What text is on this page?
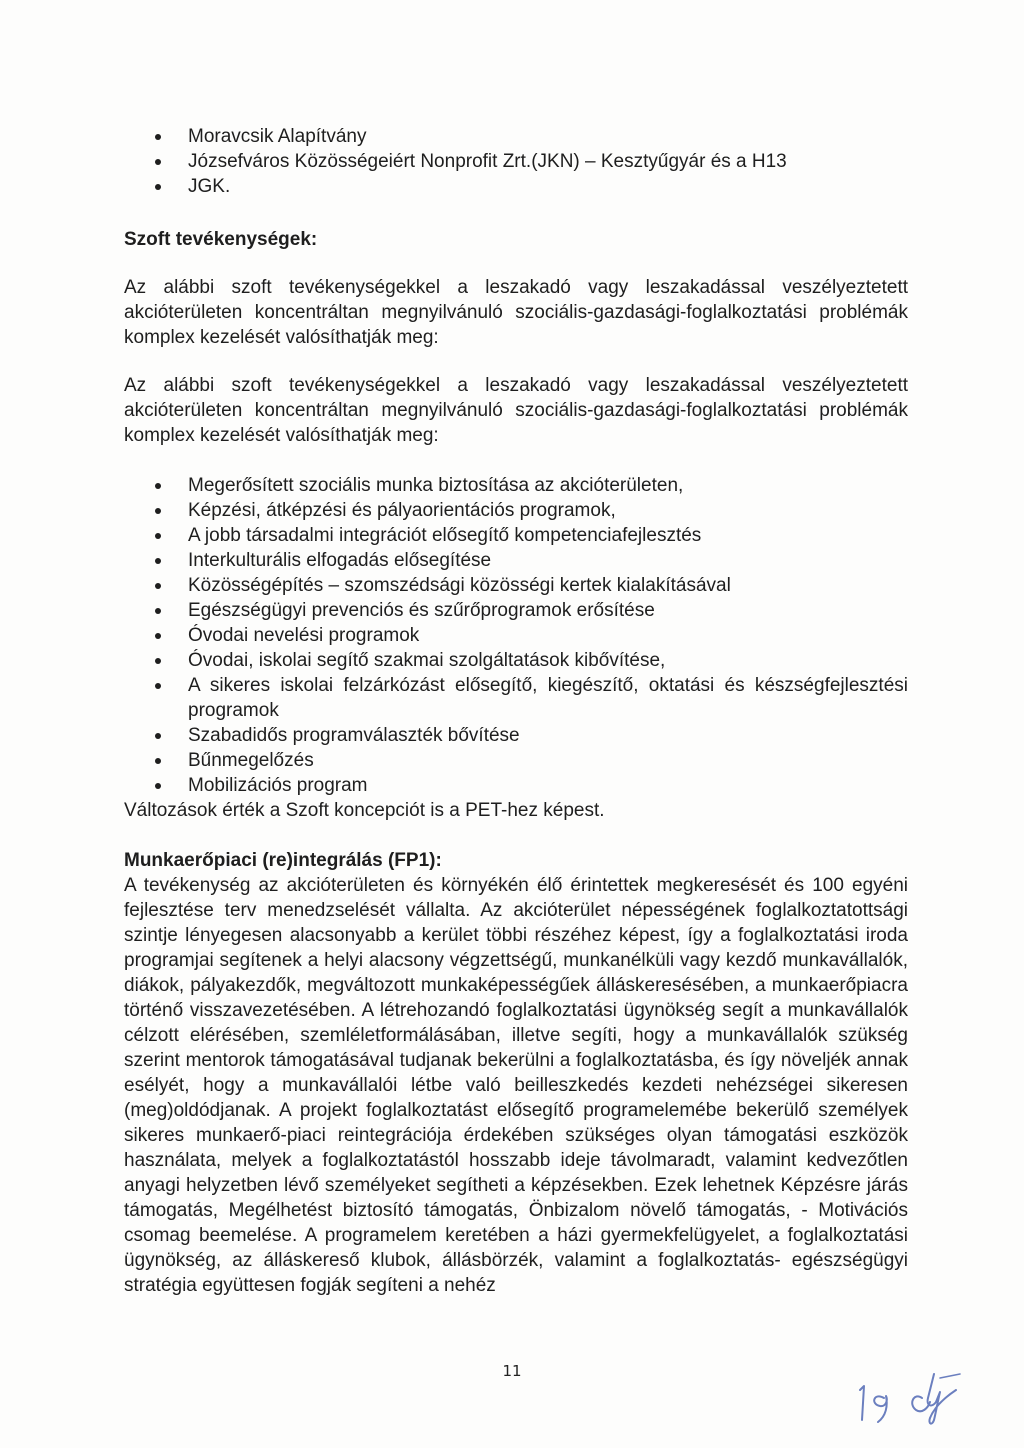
Moravcsik Alapítvány
Józsefváros Közösségeiért Nonprofit Zrt.(JKN) – Kesztyűgyár és a H13
JGK.
Szoft tevékenységek:

Az alábbi szoft tevékenységekkel a leszakadó vagy leszakadással veszélyeztetett akcióterületen koncentráltan megnyilvánuló szociális-gazdasági-foglalkoztatási problémák komplex kezelését valósíthatják meg:

Az alábbi szoft tevékenységekkel a leszakadó vagy leszakadással veszélyeztetett akcióterületen koncentráltan megnyilvánuló szociális-gazdasági-foglalkoztatási problémák komplex kezelését valósíthatják meg:

Megerősített szociális munka biztosítása az akcióterületen,
Képzési, átképzési és pályaorientációs programok,
A jobb társadalmi integrációt elősegítő kompetenciafejlesztés
Interkulturális elfogadás elősegítése
Közösségépítés – szomszédsági közösségi kertek kialakításával
Egészségügyi prevenciós és szűrőprogramok erősítése
Óvodai nevelési programok
Óvodai, iskolai segítő szakmai szolgáltatások kibővítése,
A sikeres iskolai felzárkózást elősegítő, kiegészítő, oktatási és készségfejlesztési programok
Szabadidős programválaszték bővítése
Bűnmegelőzés
Mobilizációs program

Változások érték a Szoft koncepciót is a PET-hez képest.

Munkaerőpiaci (re)integrálás (FP1):

A tevékenység az akcióterületen és környékén élő érintettek megkeresését és 100 egyéni fejlesztése terv menedzselését vállalta. Az akcióterület népességének foglalkoztatottsági szintje lényegesen alacsonyabb a kerület többi részéhez képest, így a foglalkoztatási iroda programjai segítenek a helyi alacsony végzettségű, munkanélküli vagy kezdő munkavállalók, diákok, pályakezdők, megváltozott munkaképességűek álláskeresésében, a munkaerőpiacra történő visszavezetésében. A létrehozandó foglalkoztatási ügynökség segít a munkavállalók célzott elérésében, szemléletformálásában, illetve segíti, hogy a munkavállalók szükség szerint mentorok támogatásával tudjanak bekerülni a foglalkoztatásba, és így növeljék annak esélyét, hogy a munkavállalói létbe való beilleszkedés kezdeti nehézségei sikeresen (meg)oldódjanak. A projekt foglalkoztatást elősegítő programelemébe bekerülő személyek sikeres munkaerő-piaci reintegrációja érdekében szükséges olyan támogatási eszközök használata, melyek a foglalkoztatástól hosszabb ideje távolmaradt, valamint kedvezőtlen anyagi helyzetben lévő személyeket segítheti a képzésekben. Ezek lehetnek Képzésre járás támogatás, Megélhetést biztosító támogatás, Önbizalom növelő támogatás, - Motivációs csomag beemelése. A programelem keretében a házi gyermekfelügyelet, a foglalkoztatási ügynökség, az álláskereső klubok, állásbörzék, valamint a foglalkoztatás- egészségügyi stratégia együttesen fogják segíteni a nehéz

11
